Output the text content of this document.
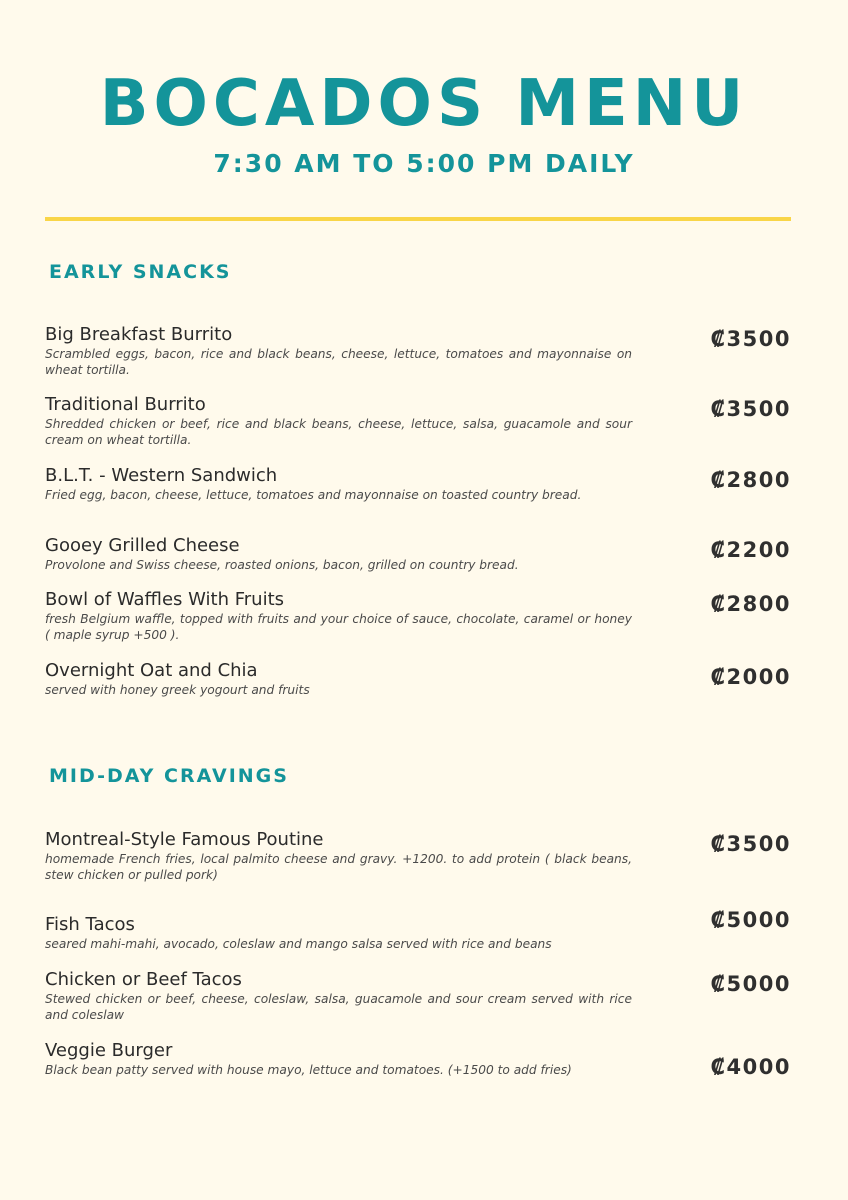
BOCADOS MENU
7:30 AM TO 5:00 PM DAILY
EARLY SNACKS
Big Breakfast Burrito
Scrambled eggs, bacon, rice and black beans, cheese, lettuce, tomatoes and mayonnaise on wheat tortilla.
₡3500
Traditional Burrito
Shredded chicken or beef, rice and black beans, cheese, lettuce, salsa, guacamole and sour cream on wheat tortilla.
₡3500
B.L.T. - Western Sandwich
Fried egg, bacon, cheese, lettuce, tomatoes and mayonnaise on toasted country bread.
₡2800
Gooey Grilled Cheese
Provolone and Swiss cheese, roasted onions, bacon, grilled on country bread.
₡2200
Bowl of Waffles With Fruits
fresh Belgium waffle, topped with fruits and your choice of sauce, chocolate, caramel or honey ( maple syrup +500 ).
₡2800
Overnight Oat and Chia
served with honey greek yogourt and fruits
₡2000
MID-DAY CRAVINGS
Montreal-Style Famous Poutine
homemade French fries, local palmito cheese and gravy. +1200. to add protein ( black beans, stew chicken or pulled pork)
₡3500
Fish Tacos
seared mahi-mahi, avocado, coleslaw and mango salsa served with rice and beans
₡5000
Chicken or Beef Tacos
Stewed chicken or beef, cheese, coleslaw, salsa, guacamole and sour cream served with rice and coleslaw
₡5000
Veggie Burger
Black bean patty served with house mayo, lettuce and tomatoes. (+1500 to add fries)	₡4000
